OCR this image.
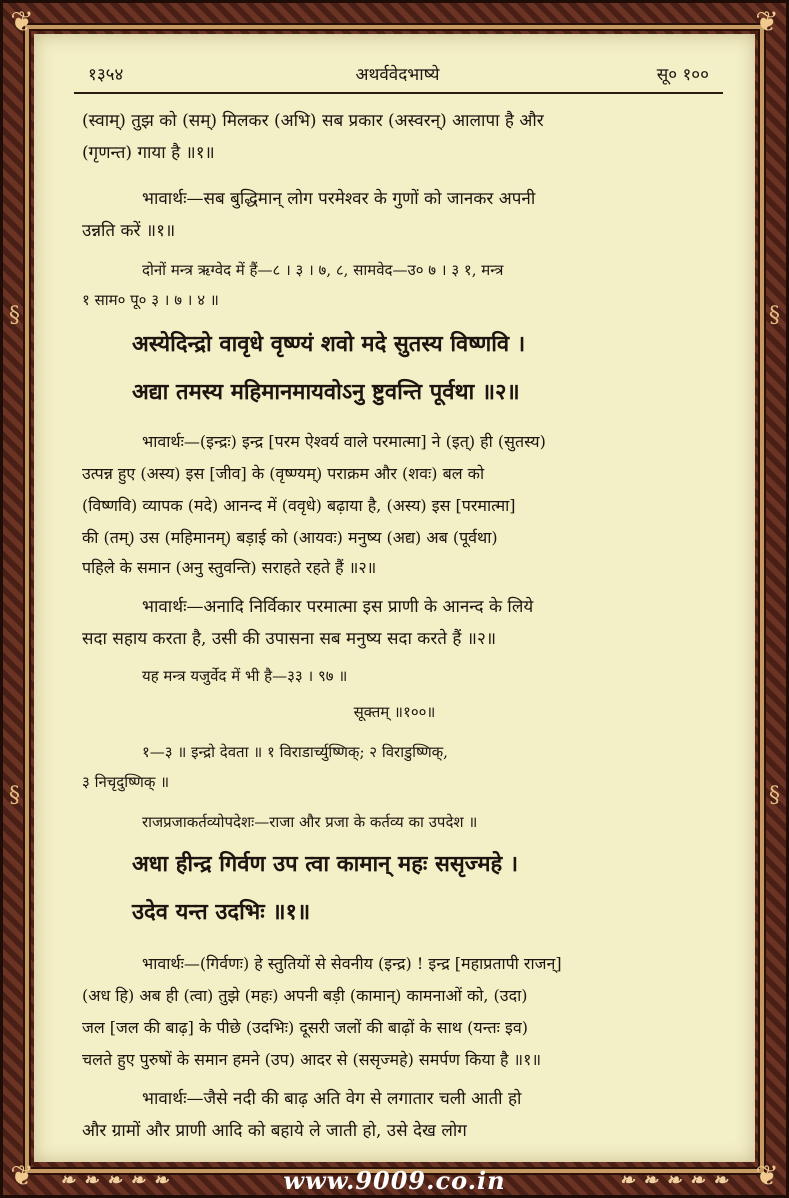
❦	❦
❦	❦
§
§
§
§
१३५४	अथर्ववेदभाष्ये	सू० १००
(स्वाम्) तुझ को (सम्) मिलकर (अभि) सब प्रकार (अस्वरन्) आलापा है और
(गृणन्त) गाया है ॥१॥
भावार्थः—सब बुद्धिमान् लोग परमेश्वर के गुणों को जानकर अपनी
उन्नति करें ॥१॥
दोनों मन्त्र ऋग्वेद में हैं—८ । ३ । ७, ८, सामवेद—उ० ७ । ३ १, मन्त्र
१ साम० पू० ३ । ७ । ४ ॥
अस्येदिन्द्रो वावृधे वृष्ण्यं शवो मदे सुतस्य विष्णवि ।
अद्या तमस्य महिमानमायवोऽनु ष्टुवन्ति पूर्वथा ॥२॥
भावार्थः—(इन्द्रः) इन्द्र [परम ऐश्वर्य वाले परमात्मा] ने (इत्) ही (सुतस्य)
उत्पन्न हुए (अस्य) इस [जीव] के (वृष्ण्यम्) पराक्रम और (शवः) बल को
(विष्णवि) व्यापक (मदे) आनन्द में (ववृधे) बढ़ाया है, (अस्य) इस [परमात्मा]
की (तम्) उस (महिमानम्) बड़ाई को (आयवः) मनुष्य (अद्य) अब (पूर्वथा)
पहिले के समान (अनु स्तुवन्ति) सराहते रहते हैं ॥२॥
भावार्थः—अनादि निर्विकार परमात्मा इस प्राणी के आनन्द के लिये
सदा सहाय करता है, उसी की उपासना सब मनुष्य सदा करते हैं ॥२॥
यह मन्त्र यजुर्वेद में भी है—३३ । ९७ ॥
सूक्तम् ॥१००॥
१—३ ॥ इन्द्रो देवता ॥ १ विराडार्च्युष्णिक्; २ विराडुष्णिक्,
३ निचृदुष्णिक् ॥
राजप्रजाकर्तव्योपदेशः—राजा और प्रजा के कर्तव्य का उपदेश ॥
अधा हीन्द्र गिर्वण उप त्वा कामान् महः ससृज्महे ।
उदेव यन्त उदभिः ॥१॥
भावार्थः—(गिर्वणः) हे स्तुतियों से सेवनीय (इन्द्र) ! इन्द्र [महाप्रतापी राजन्]
(अध हि) अब ही (त्वा) तुझे (महः) अपनी बड़ी (कामान्) कामनाओं को, (उदा)
जल [जल की बाढ़] के पीछे (उदभिः) दूसरी जलों की बाढ़ों के साथ (यन्तः इव)
चलते हुए पुरुषों के समान हमने (उप) आदर से (ससृज्महे) समर्पण किया है ॥१॥
भावार्थः—जैसे नदी की बाढ़ अति वेग से लगातार चली आती हो
और ग्रामों और प्राणी आदि को बहाये ले जाती हो, उसे देख लोग
❧ ❧ ❧ ❧ ❧	www.9009.co.in	❧ ❧ ❧ ❧ ❧
